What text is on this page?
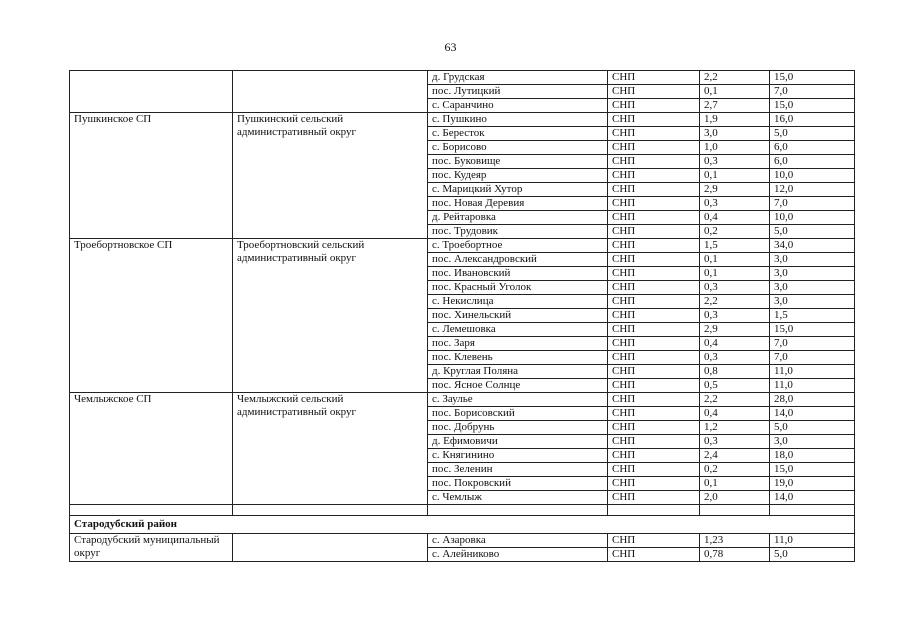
63
		д. Грудская	СНП	2,2	15,0
		пос. Лутицкий	СНП	0,1	7,0
		с. Саранчино	СНП	2,7	15,0
Пушкинское СП	Пушкинский сельский административный округ	с. Пушкино	СНП	1,9	16,0
		с. Бересток	СНП	3,0	5,0
		с. Борисово	СНП	1,0	6,0
		пос. Буковище	СНП	0,3	6,0
		пос. Кудеяр	СНП	0,1	10,0
		с. Марицкий Хутор	СНП	2,9	12,0
		пос. Новая Деревия	СНП	0,3	7,0
		д. Рейтаровка	СНП	0,4	10,0
		пос. Трудовик	СНП	0,2	5,0
Троебортновское СП	Троебортновский сельский административный округ	с. Троебортное	СНП	1,5	34,0
		пос. Александровский	СНП	0,1	3,0
		пос. Ивановский	СНП	0,1	3,0
		пос. Красный Уголок	СНП	0,3	3,0
		с. Некислица	СНП	2,2	3,0
		пос. Хинельский	СНП	0,3	1,5
		с. Лемешовка	СНП	2,9	15,0
		пос. Заря	СНП	0,4	7,0
		пос. Клевень	СНП	0,3	7,0
		д. Круглая Поляна	СНП	0,8	11,0
		пос. Ясное Солнце	СНП	0,5	11,0
Чемлыжское СП	Чемлыжский сельский административный округ	с. Заулье	СНП	2,2	28,0
		пос. Борисовский	СНП	0,4	14,0
		пос. Добрунь	СНП	1,2	5,0
		д. Ефимовичи	СНП	0,3	3,0
		с. Княгинино	СНП	2,4	18,0
		пос. Зеленин	СНП	0,2	15,0
		пос. Покровский	СНП	0,1	19,0
		с. Чемлыж	СНП	2,0	14,0

Стародубский район					
Стародубский муниципальный округ		с. Азаровка	СНП	1,23	11,0
		с. Алейниково	СНП	0,78	5,0
